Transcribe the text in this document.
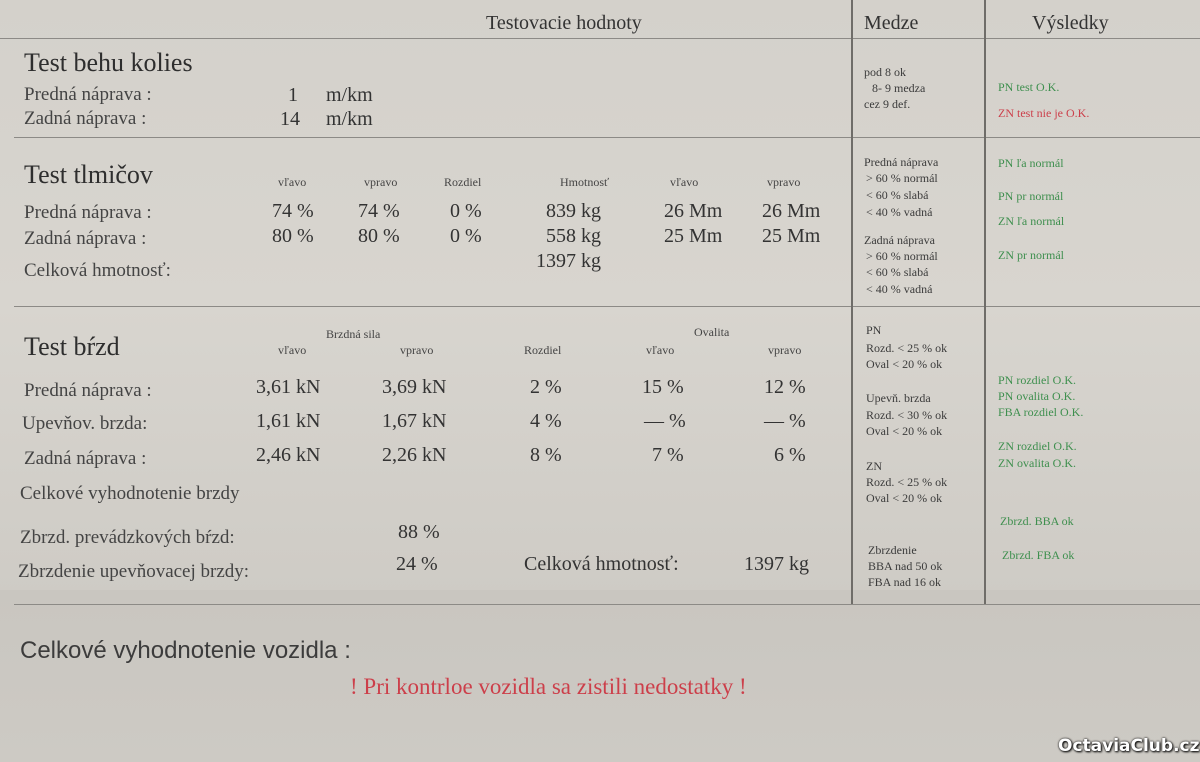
Testovacie hodnoty	Medze	Výsledky
Test behu kolies
Predná náprava :	1 m/km
Zadná náprava :	14 m/km
pod 8 ok
8- 9 medza
cez 9 def.
PN test O.K.
ZN test nie je O.K.
Test tlmičov	vľavo	vpravo	Rozdiel	Hmotnosť	vľavo	vpravo
Predná náprava :	74 % 74 %	0 %	839 kg	26 Mm 26 Mm
Zadná náprava :	80 % 80 %	0 %	558 kg	25 Mm 25 Mm
Celková hmotnosť:	1397 kg
Predná náprava
> 60 % normál
< 60 % slabá
< 40 % vadná
Zadná náprava
> 60 % normál
< 60 % slabá
< 40 % vadná
PN ľa normál
PN pr normál
ZN ľa normál
ZN pr normál
Test bŕzd	Brzdná sila	Ovalita
vľavo	vpravo	Rozdiel	vľavo	vpravo
Predná náprava :	3,61 kN	3,69 kN	2 %	15 %	12 %
Upevňov. brzda:	1,61 kN	1,67 kN	4 %	— %	— %
Zadná náprava :	2,46 kN	2,26 kN	8 %	7 %	6 %
Celkové vyhodnotenie brzdy
Zbrzd. prevádzkových bŕzd:	88 %
Zbrzdenie upevňovacej brzdy:	24 %	Celková hmotnosť:	1397 kg
PN
Rozd. < 25 % ok
Oval < 20 % ok
Upevň. brzda
Rozd. < 30 % ok
Oval < 20 % ok
ZN
Rozd. < 25 % ok
Oval < 20 % ok
Zbrzdenie
BBA nad 50 ok
FBA nad 16 ok
PN rozdiel O.K.
PN ovalita O.K.
FBA rozdiel O.K.
ZN rozdiel O.K.
ZN ovalita O.K.
Zbrzd. BBA ok
Zbrzd. FBA ok
Celkové vyhodnotenie vozidla :
! Pri kontrloe vozidla sa zistili nedostatky !
OctaviaClub.cz
